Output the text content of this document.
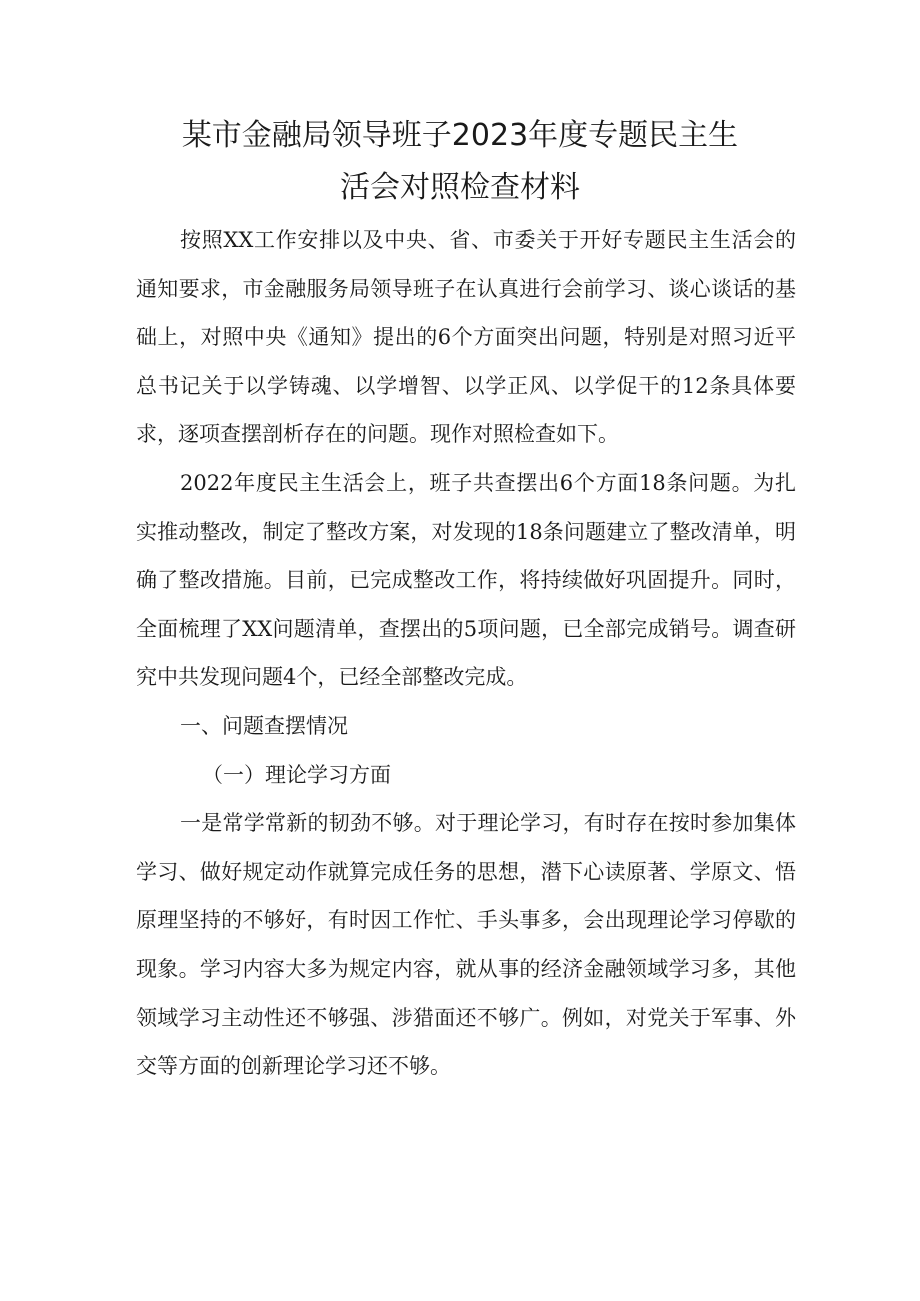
某市金融局领导班子2023年度专题民主生
活会对照检查材料

按照XX工作安排以及中央、省、市委关于开好专题民主生活会的通知要求，市金融服务局领导班子在认真进行会前学习、谈心谈话的基础上，对照中央《通知》提出的6个方面突出问题，特别是对照习近平总书记关于以学铸魂、以学增智、以学正风、以学促干的12条具体要求，逐项查摆剖析存在的问题。现作对照检查如下。

2022年度民主生活会上，班子共查摆出6个方面18条问题。为扎实推动整改，制定了整改方案，对发现的18条问题建立了整改清单，明确了整改措施。目前，已完成整改工作，将持续做好巩固提升。同时，全面梳理了XX问题清单，查摆出的5项问题，已全部完成销号。调查研究中共发现问题4个，已经全部整改完成。

一、问题查摆情况

（一）理论学习方面

一是常学常新的韧劲不够。对于理论学习，有时存在按时参加集体学习、做好规定动作就算完成任务的思想，潜下心读原著、学原文、悟原理坚持的不够好，有时因工作忙、手头事多，会出现理论学习停歇的现象。学习内容大多为规定内容，就从事的经济金融领域学习多，其他领域学习主动性还不够强、涉猎面还不够广。例如，对党关于军事、外交等方面的创新理论学习还不够。
